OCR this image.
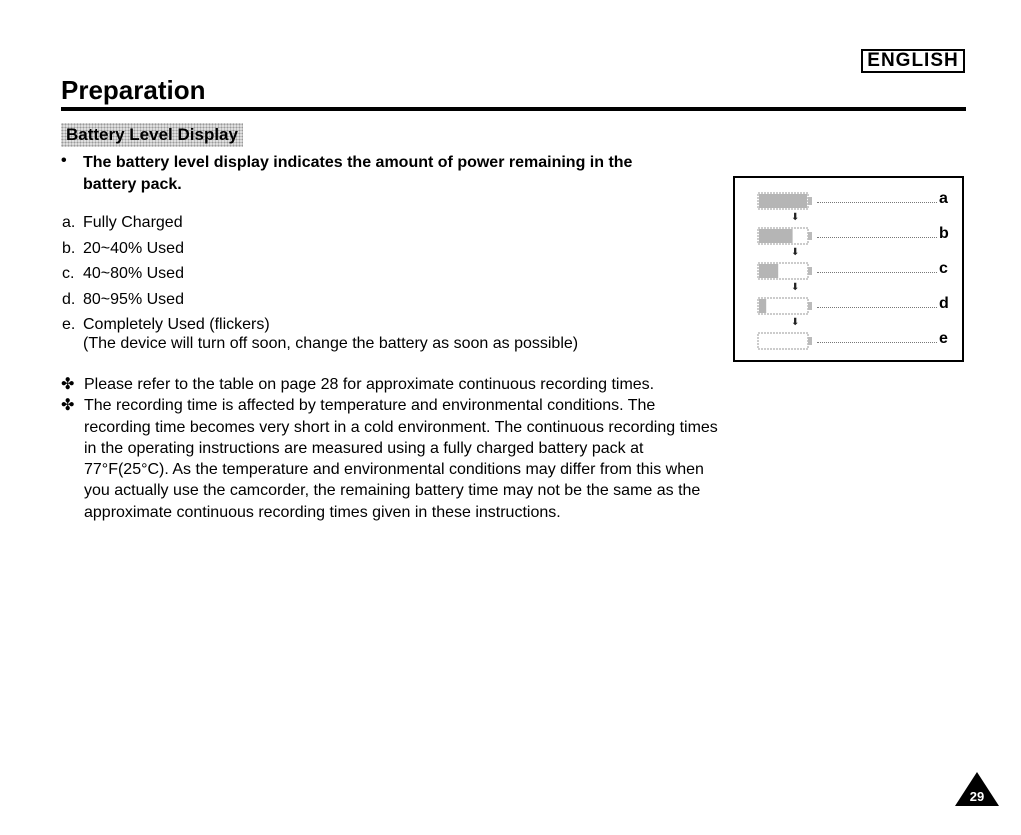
ENGLISH
Preparation
Battery Level Display
• The battery level display indicates the amount of power remaining in the battery pack.
a. Fully Charged
b. 20~40% Used
c. 40~80% Used
d. 80~95% Used
e. Completely Used (flickers)
(The device will turn off soon, change the battery as soon as possible)
✤ Please refer to the table on page 28 for approximate continuous recording times.
✤ The recording time is affected by temperature and environmental conditions. The recording time becomes very short in a cold environment. The continuous recording times in the operating instructions are measured using a fully charged battery pack at 77°F(25°C). As the temperature and environmental conditions may differ from this when you actually use the camcorder, the remaining battery time may not be the same as the approximate continuous recording times given in these instructions.
a
⬇
b
⬇
c
⬇
d
⬇
e
29
